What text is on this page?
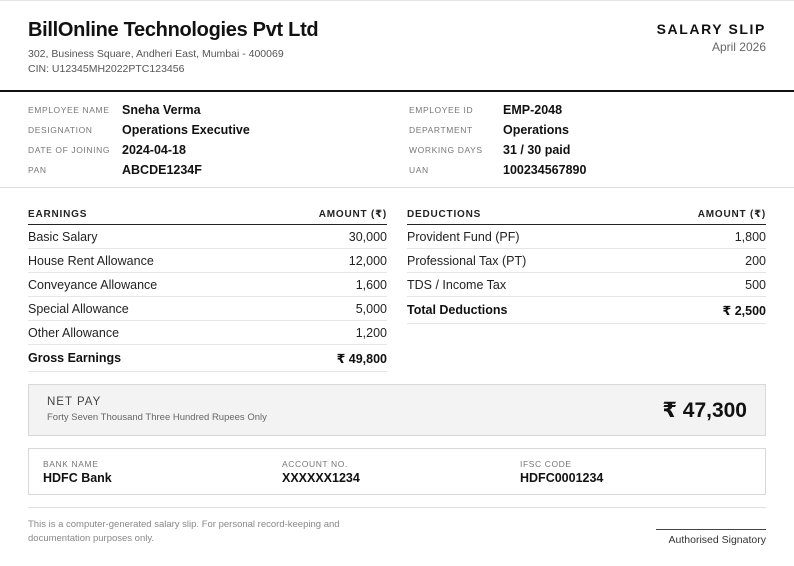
BillOnline Technologies Pvt Ltd
302, Business Square, Andheri East, Mumbai - 400069
CIN: U12345MH2022PTC123456
SALARY SLIP
April 2026
EMPLOYEE NAME	Sneha Verma
DESIGNATION	Operations Executive
DATE OF JOINING 2024-04-18
PAN	ABCDE1234F
EMPLOYEE ID	EMP-2048
DEPARTMENT	Operations
WORKING DAYS	31 / 30 paid
UAN	100234567890
EARNINGS	AMOUNT (₹)
Basic Salary	30,000
House Rent Allowance	12,000
Conveyance Allowance	1,600
Special Allowance	5,000
Other Allowance	1,200
Gross Earnings	₹ 49,800
DEDUCTIONS	AMOUNT (₹)
Provident Fund (PF)	1,800
Professional Tax (PT)	200
TDS / Income Tax	500
Total Deductions	₹ 2,500
NET PAY
Forty Seven Thousand Three Hundred Rupees Only	₹ 47,300
BANK NAME
HDFC Bank
ACCOUNT NO.
XXXXXX1234
IFSC CODE
HDFC0001234
This is a computer-generated salary slip. For personal record-keeping and documentation purposes only.	Authorised Signatory
